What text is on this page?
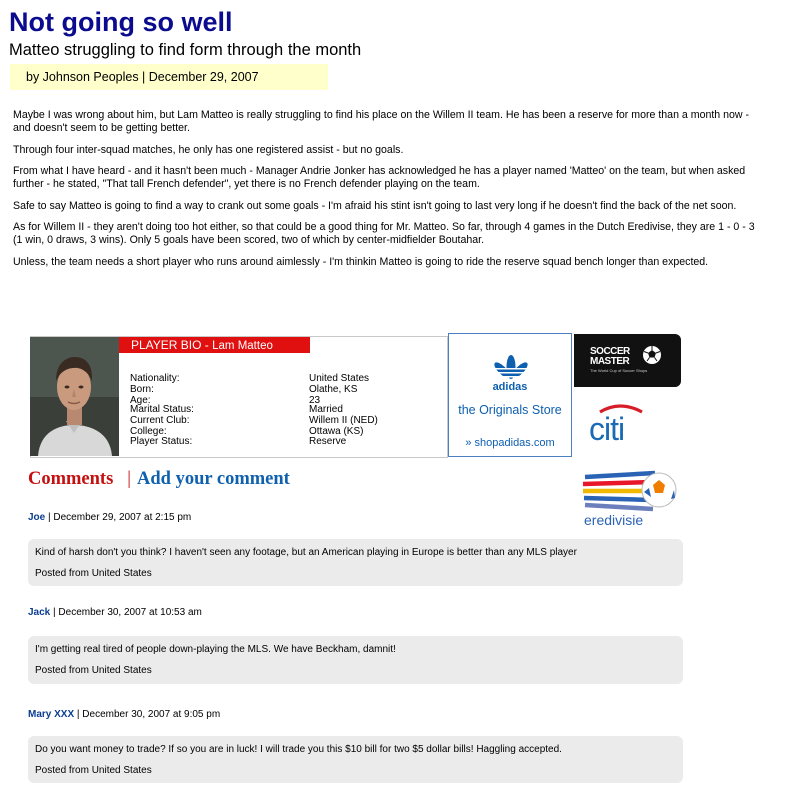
Not going so well
Matteo struggling to find form through the month
by Johnson Peoples | December 29, 2007

Maybe I was wrong about him, but Lam Matteo is really struggling to find his place on the Willem II team. He has been a reserve for more than a month now - and doesn't seem to be getting better.

Through four inter-squad matches, he only has one registered assist - but no goals.

From what I have heard - and it hasn't been much - Manager Andrie Jonker has acknowledged he has a player named 'Matteo' on the team, but when asked further - he stated, "That tall French defender", yet there is no French defender playing on the team.

Safe to say Matteo is going to find a way to crank out some goals - I'm afraid his stint isn't going to last very long if he doesn't find the back of the net soon.

As for Willem II - they aren't doing too hot either, so that could be a good thing for Mr. Matteo. So far, through 4 games in the Dutch Eredivise, they are 1 - 0 - 3 (1 win, 0 draws, 3 wins). Only 5 goals have been scored, two of which by center-midfielder Boutahar.

Unless, the team needs a short player who runs around aimlessly - I'm thinkin Matteo is going to ride the reserve squad bench longer than expected.

PLAYER BIO - Lam Matteo
Nationality:	United States
Born:	Olathe, KS
Age:	23
Marital Status:	Married
Current Club:	Willem II (NED)
College:	Ottawa (KS)
Player Status:	Reserve
adidas
the Originals Store
» shopadidas.com
SOCCER
MASTER
The World Cup of Soccer Shops
citi
eredivisie
Comments | Add your comment
Joe | December 29, 2007 at 2:15 pm
Kind of harsh don't you think? I haven't seen any footage, but an American playing in Europe is better than any MLS player
Posted from United States
Jack | December 30, 2007 at 10:53 am
I'm getting real tired of people down-playing the MLS. We have Beckham, damnit!
Posted from United States
Mary XXX | December 30, 2007 at 9:05 pm
Do you want money to trade? If so you are in luck! I will trade you this $10 bill for two $5 dollar bills! Haggling accepted.
Posted from United States
